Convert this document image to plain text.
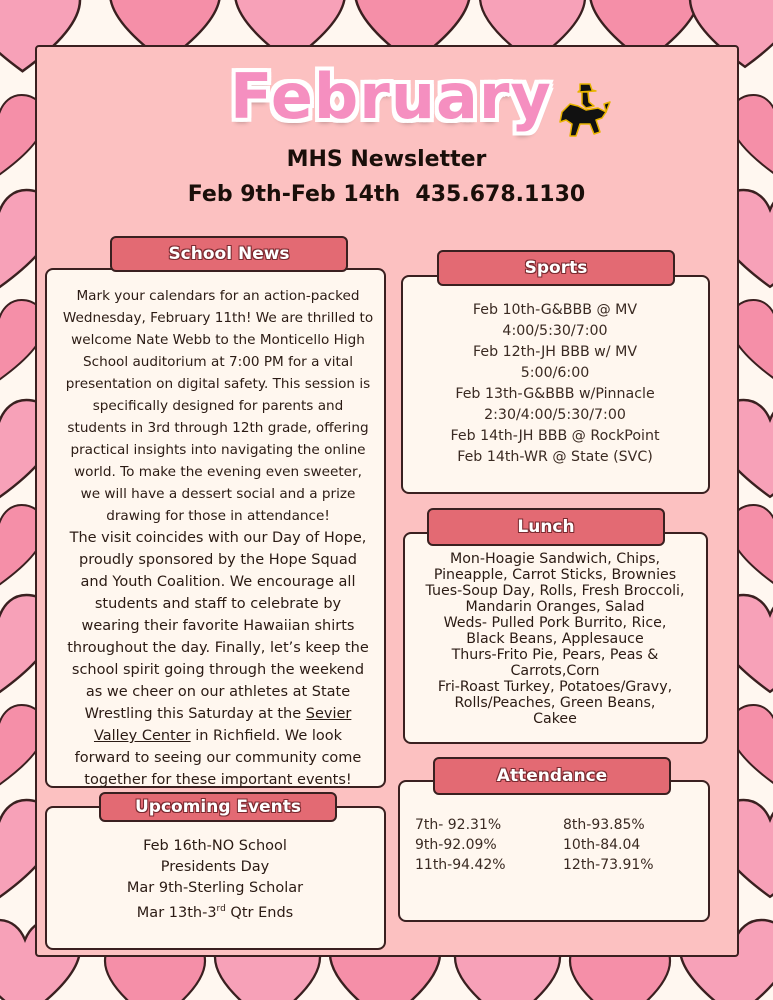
February
MHS Newsletter
Feb 9th-Feb 14th  435.678.1130
School News
Mark your calendars for an action-packed
Wednesday, February 11th! We are thrilled to
welcome Nate Webb to the Monticello High
School auditorium at 7:00 PM for a vital
presentation on digital safety. This session is
specifically designed for parents and
students in 3rd through 12th grade, offering
practical insights into navigating the online
world. To make the evening even sweeter,
we will have a dessert social and a prize
drawing for those in attendance!
The visit coincides with our Day of Hope,
proudly sponsored by the Hope Squad
and Youth Coalition. We encourage all
students and staff to celebrate by
wearing their favorite Hawaiian shirts
throughout the day. Finally, let’s keep the
school spirit going through the weekend
as we cheer on our athletes at State
Wrestling this Saturday at the Sevier
Valley Center in Richfield. We look
forward to seeing our community come
together for these important events!
Sports
Feb 10th-G&BBB @ MV
4:00/5:30/7:00
Feb 12th-JH BBB w/ MV
5:00/6:00
Feb 13th-G&BBB w/Pinnacle
2:30/4:00/5:30/7:00
Feb 14th-JH BBB @ RockPoint
Feb 14th-WR @ State (SVC)
Lunch
Mon-Hoagie Sandwich, Chips,
Pineapple, Carrot Sticks, Brownies
Tues-Soup Day, Rolls, Fresh Broccoli,
Mandarin Oranges, Salad
Weds- Pulled Pork Burrito, Rice,
Black Beans, Applesauce
Thurs-Frito Pie, Pears, Peas &
Carrots,Corn
Fri-Roast Turkey, Potatoes/Gravy,
Rolls/Peaches, Green Beans,
Cakee
Attendance
7th- 92.31%	8th-93.85%
9th-92.09%	10th-84.04
11th-94.42%	12th-73.91%
Upcoming Events
Feb 16th-NO School
Presidents Day
Mar 9th-Sterling Scholar
Mar 13th-3rd Qtr Ends
